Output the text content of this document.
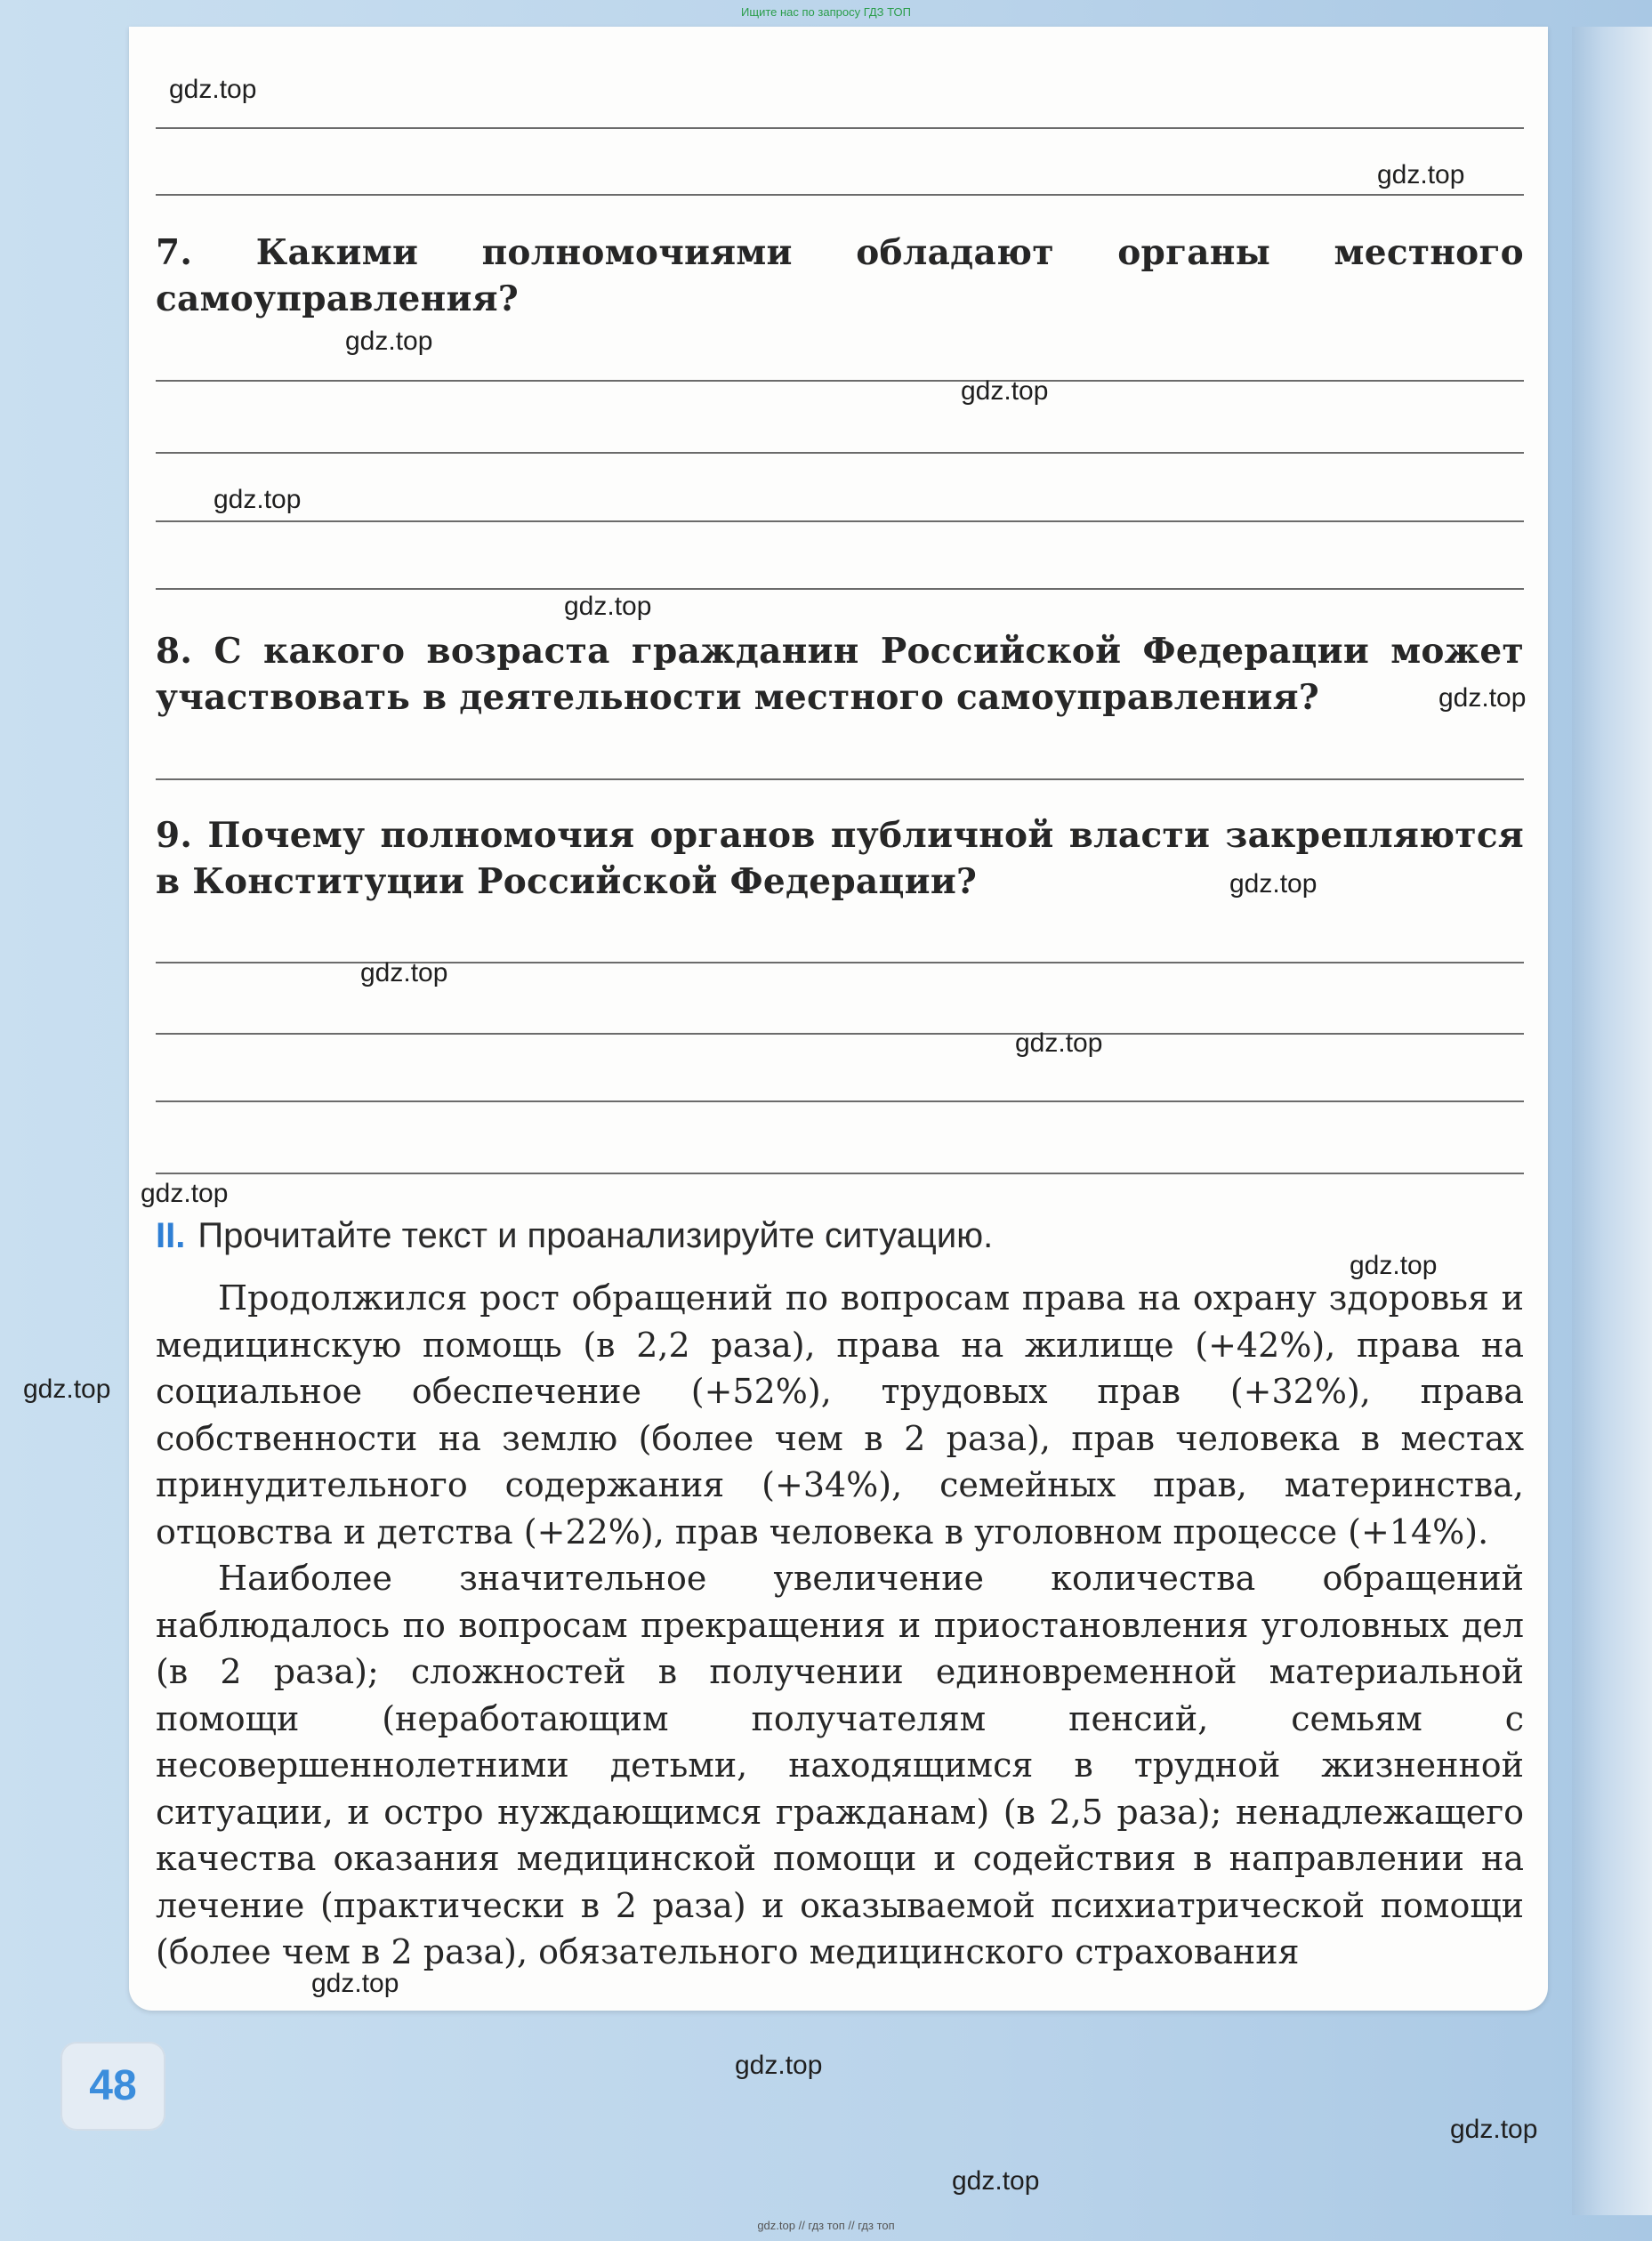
Ищите нас по запросу ГДЗ ТОП
7. Какими полномочиями обладают органы местного самоуправления?
8. С какого возраста гражданин Российской Федерации может участвовать в деятельности местного самоуправления?
9. Почему полномочия органов публичной власти закрепляются в Конституции Российской Федерации?
II. Прочитайте текст и проанализируйте ситуацию.

Продолжился рост обращений по вопросам права на охрану здоровья и медицинскую помощь (в 2,2 раза), права на жилище (+42%), права на социальное обеспечение (+52%), трудовых прав (+32%), права собственности на землю (более чем в 2 раза), прав человека в местах принудительного содержания (+34%), семейных прав, материнства, отцовства и детства (+22%), прав человека в уголовном процессе (+14%).

Наиболее значительное увеличение количества обращений наблюдалось по вопросам прекращения и приостановления уголовных дел (в 2 раза); сложностей в получении единовременной материальной помощи (неработающим получателям пенсий, семьям с несовершеннолетними детьми, находящимся в трудной жизненной ситуации, и остро нуждающимся гражданам) (в 2,5 раза); ненадлежащего качества оказания медицинской помощи и содействия в направлении на лечение (практически в 2 раза) и оказываемой психиатрической помощи (более чем в 2 раза), обязательного медицинского страхования

48
gdz.top
gdz.top
gdz.top
gdz.top
gdz.top
gdz.top
gdz.top
gdz.top
gdz.top
gdz.top
gdz.top
gdz.top
gdz.top
gdz.top
gdz.top
gdz.top
gdz.top
gdz.top // гдз топ // гдз топ
